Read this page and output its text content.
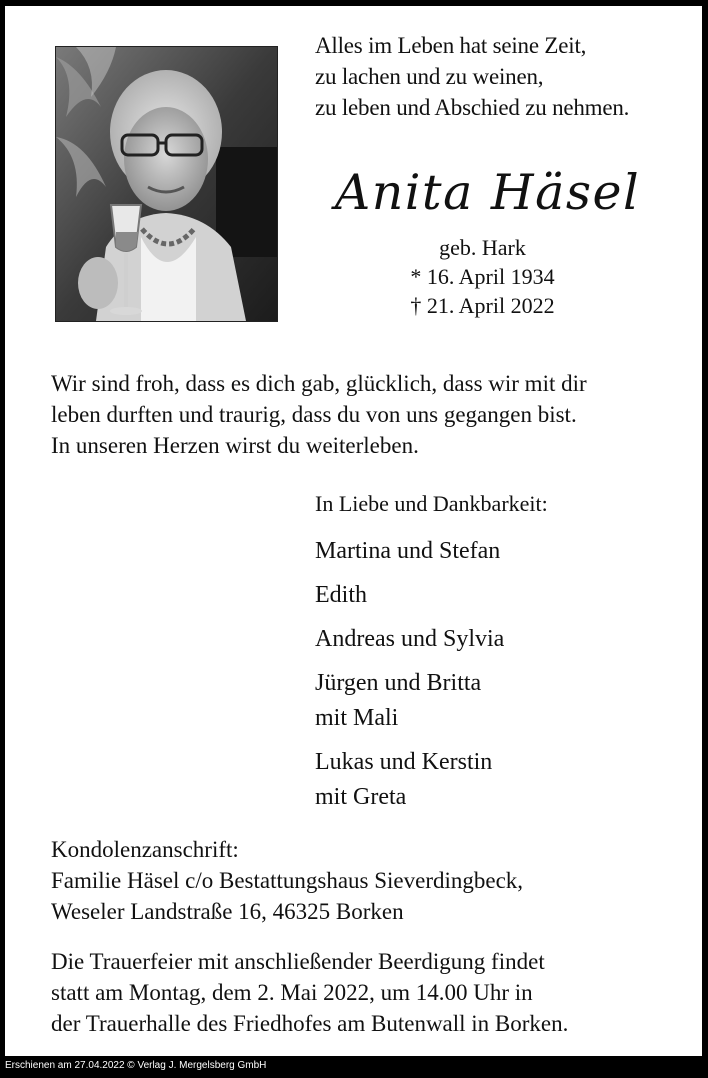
Alles im Leben hat seine Zeit,
zu lachen und zu weinen,
zu leben und Abschied zu nehmen.
Anita Häsel
geb. Hark
* 16. April 1934
† 21. April 2022
Wir sind froh, dass es dich gab, glücklich, dass wir mit dir
leben durften und traurig, dass du von uns gegangen bist.
In unseren Herzen wirst du weiterleben.
In Liebe und Dankbarkeit:
Martina und Stefan
Edith
Andreas und Sylvia
Jürgen und Britta
mit Mali
Lukas und Kerstin
mit Greta
Kondolenzanschrift:
Familie Häsel c/o Bestattungshaus Sieverdingbeck,
Weseler Landstraße 16, 46325 Borken
Die Trauerfeier mit anschließender Beerdigung findet
statt am Montag, dem 2. Mai 2022, um 14.00 Uhr in
der Trauerhalle des Friedhofes am Butenwall in Borken.
Erschienen am 27.04.2022 © Verlag J. Mergelsberg GmbH
